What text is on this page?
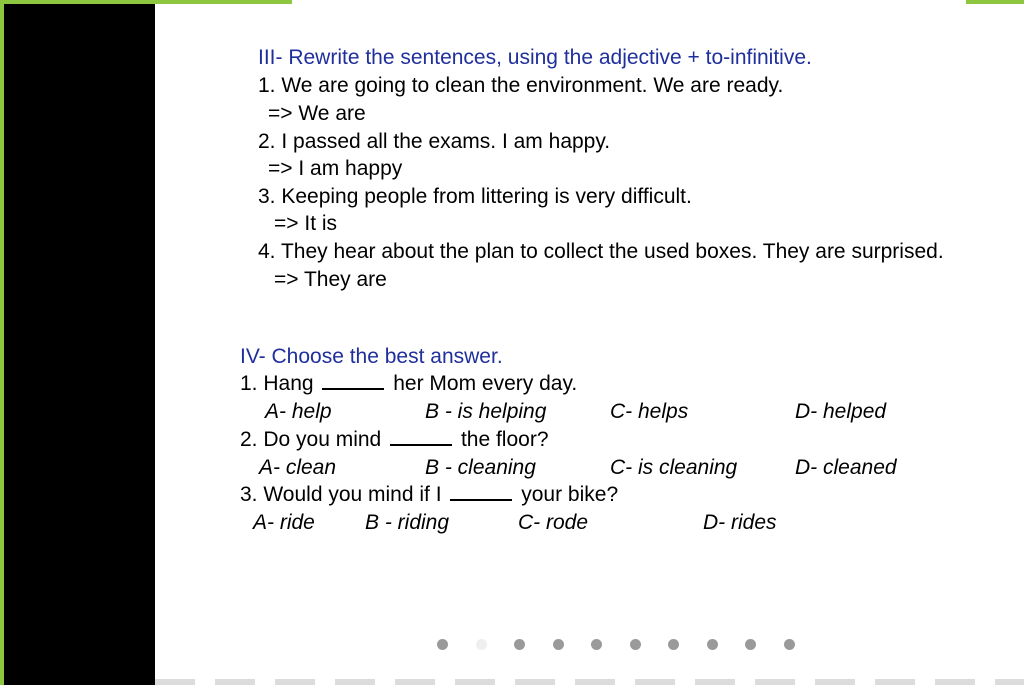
III- Rewrite the sentences, using the adjective + to-infinitive.
1. We are going to clean the environment. We are ready.
=> We are
2. I passed all the exams. I am happy.
=> I am happy
3. Keeping people from littering is very difficult.
=> It is
4. They hear about the plan to collect the used boxes. They are surprised.
=> They are
IV- Choose the best answer.
1. Hang	her Mom every day.
A- help	B - is helping	C- helps	D- helped
2. Do you mind	the floor?
A- clean	B - cleaning	C- is cleaning	D- cleaned
3. Would you mind if I	your bike?
A- ride B - riding	C- rode	D- rides
